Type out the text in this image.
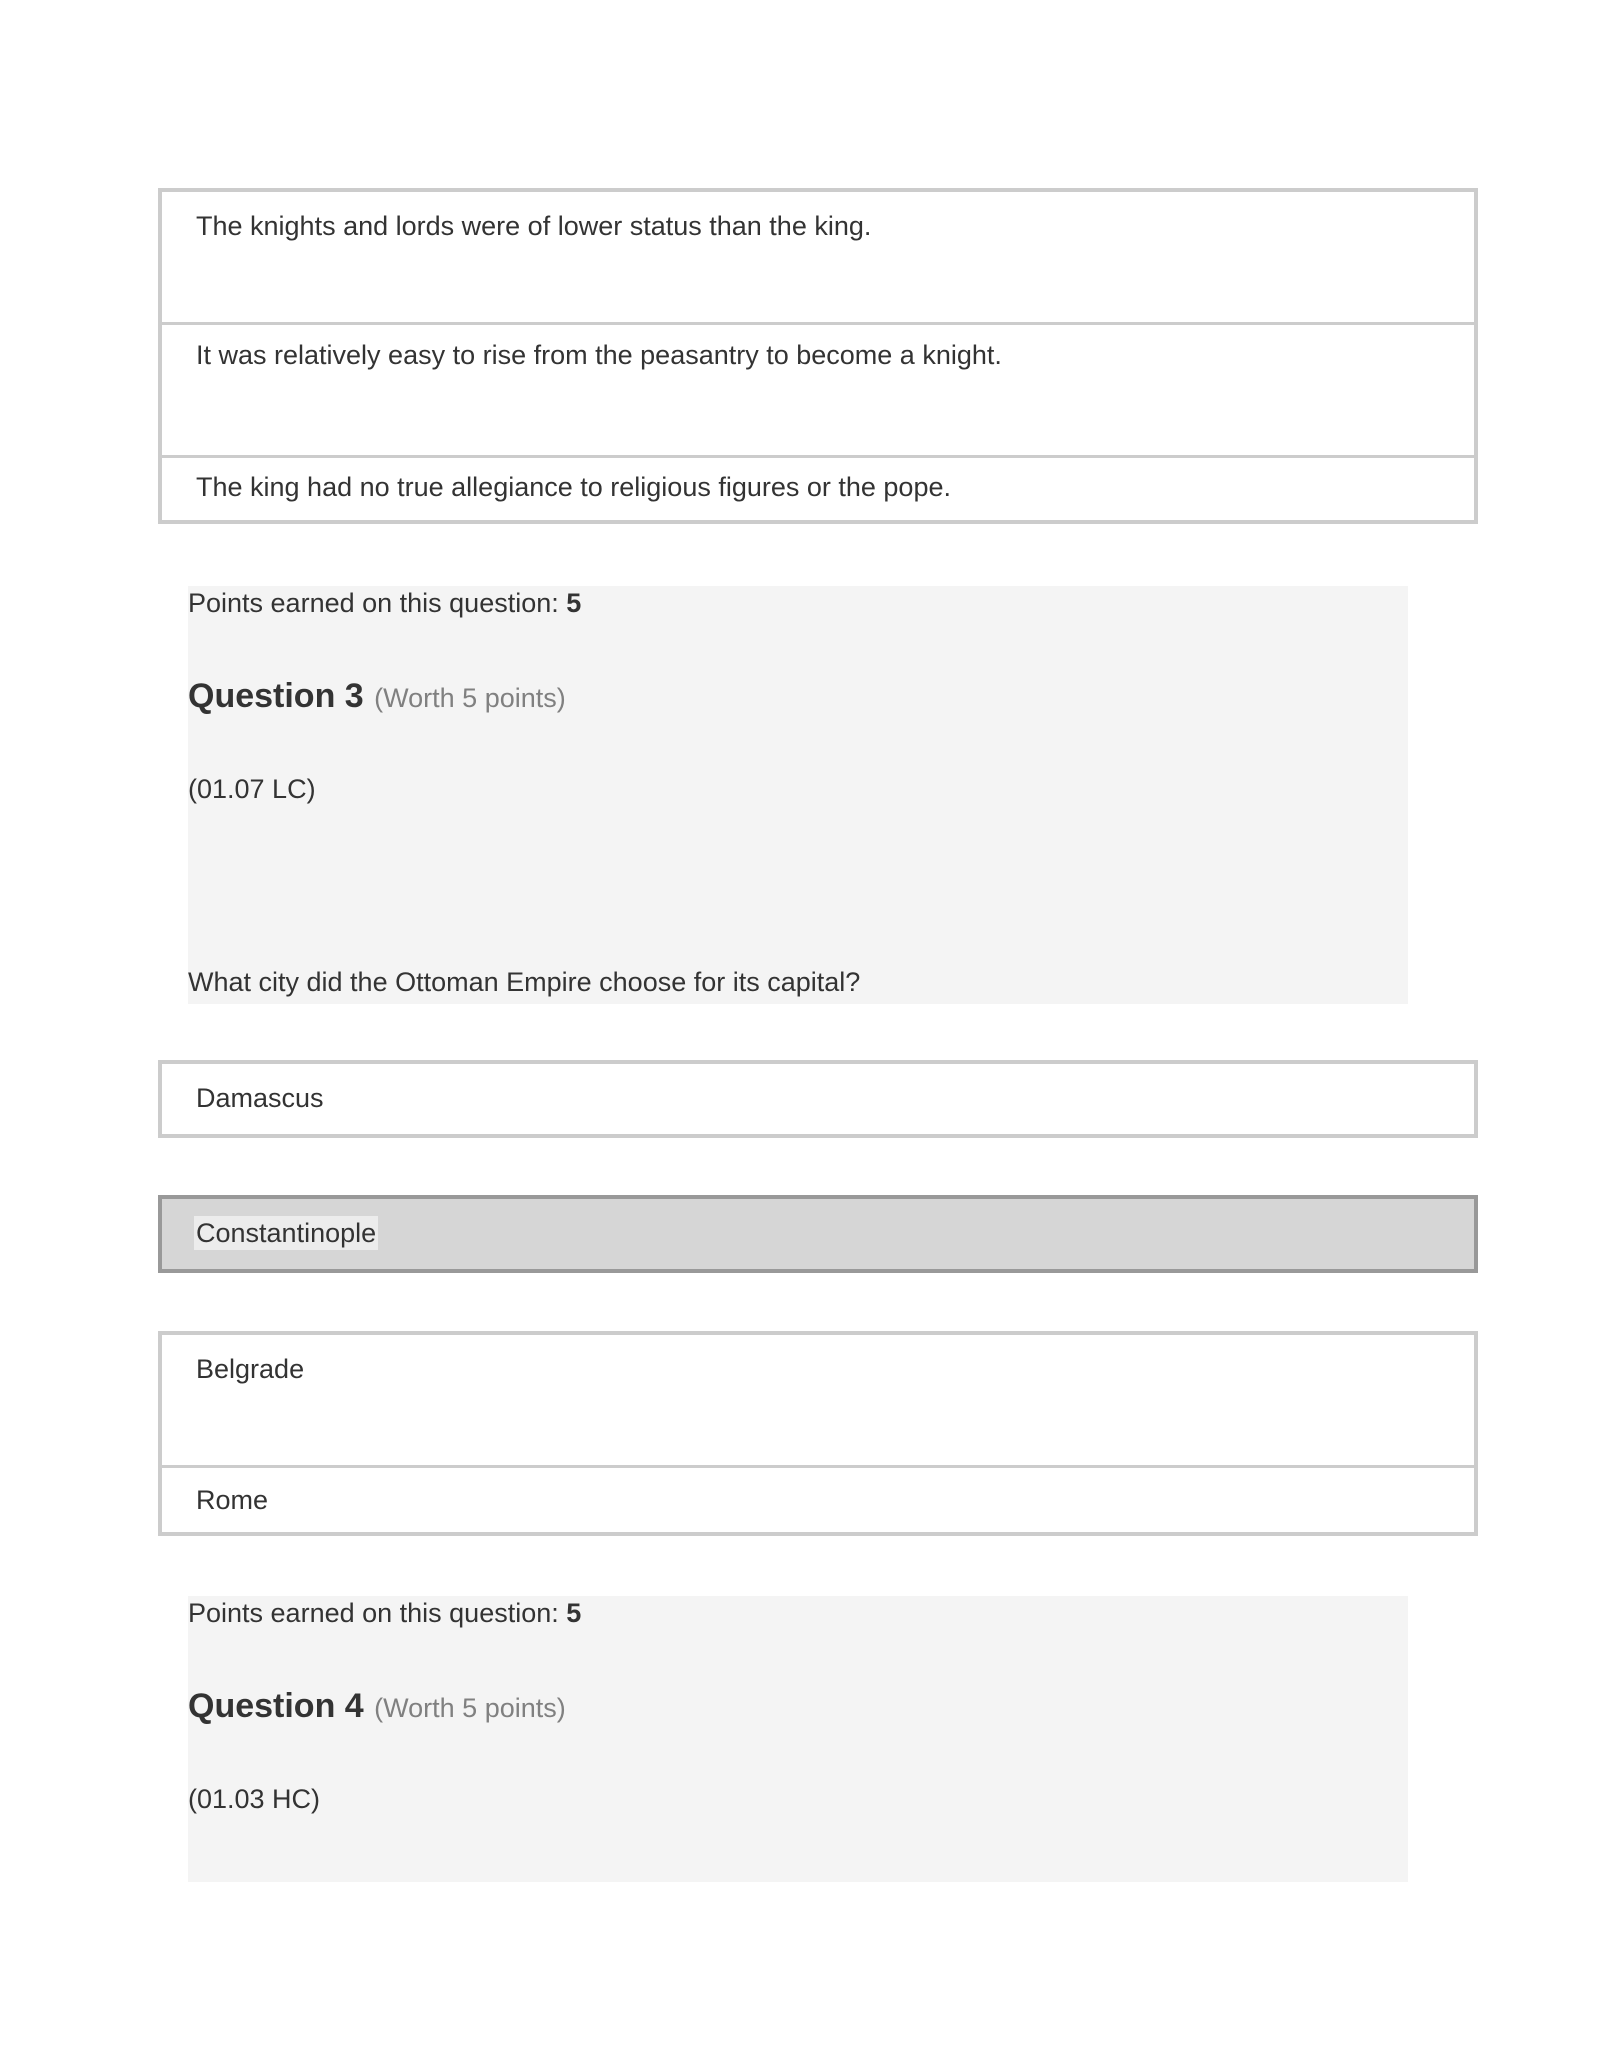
The knights and lords were of lower status than the king.
It was relatively easy to rise from the peasantry to become a knight.
The king had no true allegiance to religious figures or the pope.
Points earned on this question: 5
Question 3 (Worth 5 points)
(01.07 LC)
What city did the Ottoman Empire choose for its capital?
Damascus
Constantinople
Belgrade
Rome
Points earned on this question: 5
Question 4 (Worth 5 points)
(01.03 HC)
